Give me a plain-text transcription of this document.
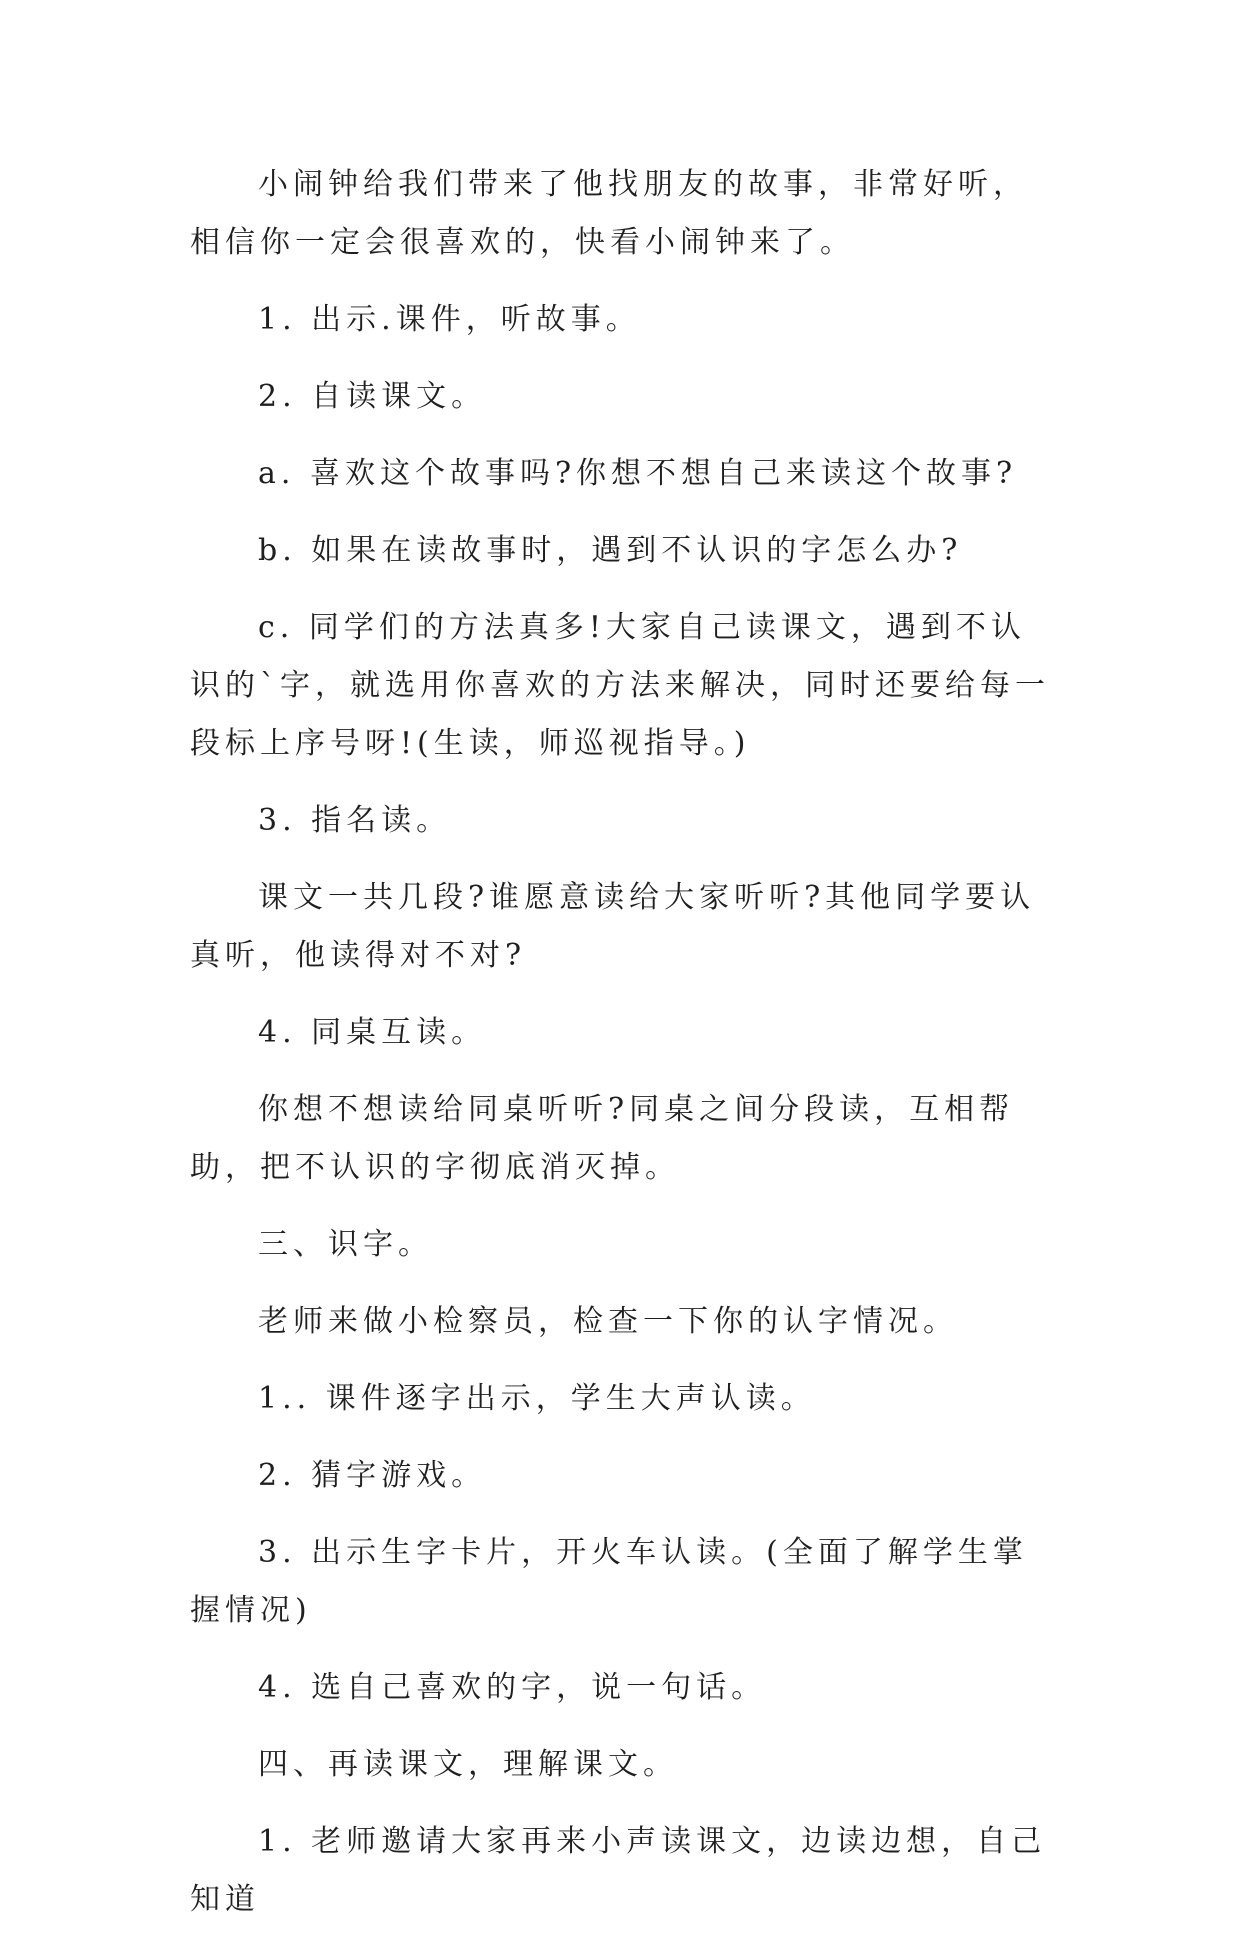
小闹钟给我们带来了他找朋友的故事，非常好听，相信你一定会很喜欢的，快看小闹钟来了。

1. 出示.课件，听故事。

2. 自读课文。

a. 喜欢这个故事吗?你想不想自己来读这个故事?

b. 如果在读故事时，遇到不认识的字怎么办?

c. 同学们的方法真多!大家自己读课文，遇到不认识的`字，就选用你喜欢的方法来解决，同时还要给每一段标上序号呀!(生读，师巡视指导。)

3. 指名读。

课文一共几段?谁愿意读给大家听听?其他同学要认真听，他读得对不对?

4. 同桌互读。

你想不想读给同桌听听?同桌之间分段读，互相帮助，把不认识的字彻底消灭掉。

三、识字。

老师来做小检察员，检查一下你的认字情况。

1.. 课件逐字出示，学生大声认读。

2. 猜字游戏。

3. 出示生字卡片，开火车认读。(全面了解学生掌握情况)

4. 选自己喜欢的字，说一句话。

四、再读课文，理解课文。

1. 老师邀请大家再来小声读课文，边读边想，自己知道
